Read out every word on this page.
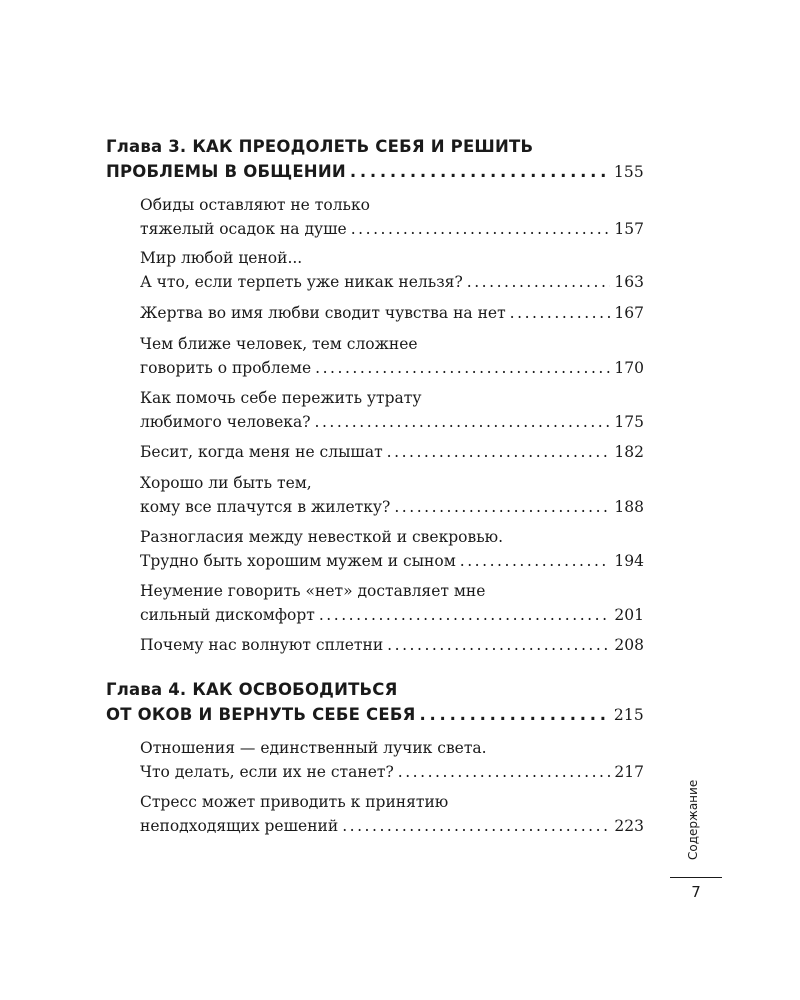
Глава 3. КАК ПРЕОДОЛЕТЬ СЕБЯ И РЕШИТЬ
ПРОБЛЕМЫ В ОБЩЕНИИ . . .	155
Обиды оставляют не только
тяжелый осадок на душе . . .	157
Мир любой ценой...
А что, если терпеть уже никак нельзя? . . .	163
Жертва во имя любви сводит чувства на нет . . .	167
Чем ближе человек, тем сложнее
говорить о проблеме . . .	170
Как помочь себе пережить утрату
любимого человека? . . .	175
Бесит, когда меня не слышат . . .	182
Хорошо ли быть тем,
кому все плачутся в жилетку? . . .	188
Разногласия между невесткой и свекровью.
Трудно быть хорошим мужем и сыном . . .	194
Неумение говорить «нет» доставляет мне
сильный дискомфорт . . .	201
Почему нас волнуют сплетни . . .	208
Глава 4. КАК ОСВОБОДИТЬСЯ
ОТ ОКОВ И ВЕРНУТЬ СЕБЕ СЕБЯ . . .	215
Отношения — единственный лучик света.
Что делать, если их не станет? . . .	217
Стресс может приводить к принятию
неподходящих решений . . .	223	Содержание
7
